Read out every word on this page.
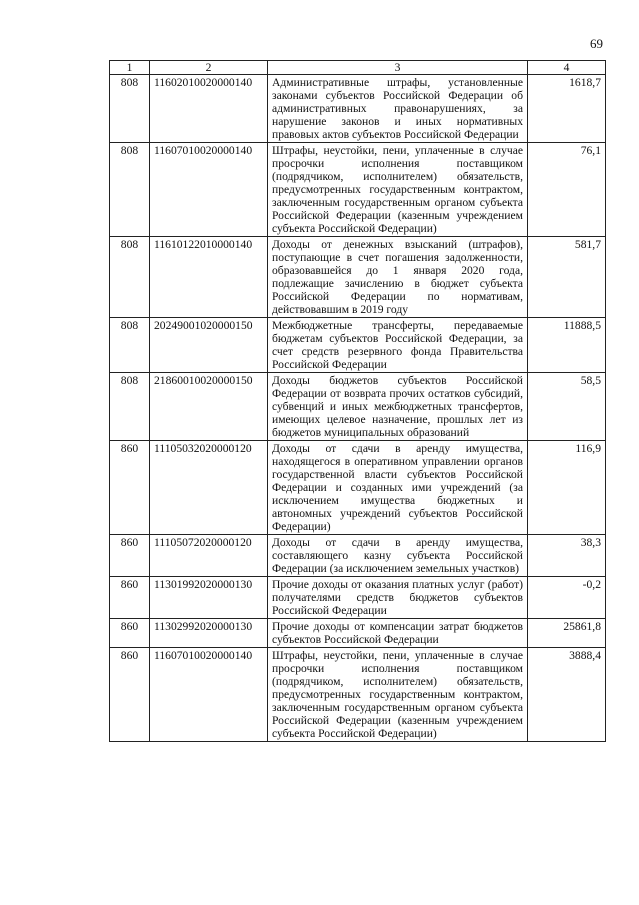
69
1	2	3	4
808	11602010020000140	Административные штрафы, установленные законами субъектов Российской Федерации об административных правонарушениях, за нарушение законов и иных нормативных правовых актов субъектов Российской Федерации	1618,7
808	11607010020000140	Штрафы, неустойки, пени, уплаченные в случае просрочки исполнения поставщиком (подрядчиком, исполнителем) обязательств, предусмотренных государственным контрактом, заключенным государственным органом субъекта Российской Федерации (казенным учреждением субъекта Российской Федерации)	76,1
808	11610122010000140	Доходы от денежных взысканий (штрафов), поступающие в счет погашения задолженности, образовавшейся до 1 января 2020 года, подлежащие зачислению в бюджет субъекта Российской Федерации по нормативам, действовавшим в 2019 году	581,7
808	20249001020000150	Межбюджетные трансферты, передаваемые бюджетам субъектов Российской Федерации, за счет средств резервного фонда Правительства Российской Федерации	11888,5
808	21860010020000150	Доходы бюджетов субъектов Российской Федерации от возврата прочих остатков субсидий, субвенций и иных межбюджетных трансфертов, имеющих целевое назначение, прошлых лет из бюджетов муниципальных образований	58,5
860	11105032020000120	Доходы от сдачи в аренду имущества, находящегося в оперативном управлении органов государственной власти субъектов Российской Федерации и созданных ими учреждений (за исключением имущества бюджетных и автономных учреждений субъектов Российской Федерации)	116,9
860	11105072020000120	Доходы от сдачи в аренду имущества, составляющего казну субъекта Российской Федерации (за исключением земельных участков)	38,3
860	11301992020000130	Прочие доходы от оказания платных услуг (работ) получателями средств бюджетов субъектов Российской Федерации	-0,2
860	11302992020000130	Прочие доходы от компенсации затрат бюджетов субъектов Российской Федерации	25861,8
860	11607010020000140	Штрафы, неустойки, пени, уплаченные в случае просрочки исполнения поставщиком (подрядчиком, исполнителем) обязательств, предусмотренных государственным контрактом, заключенным государственным органом субъекта Российской Федерации (казенным учреждением субъекта Российской Федерации)	3888,4
